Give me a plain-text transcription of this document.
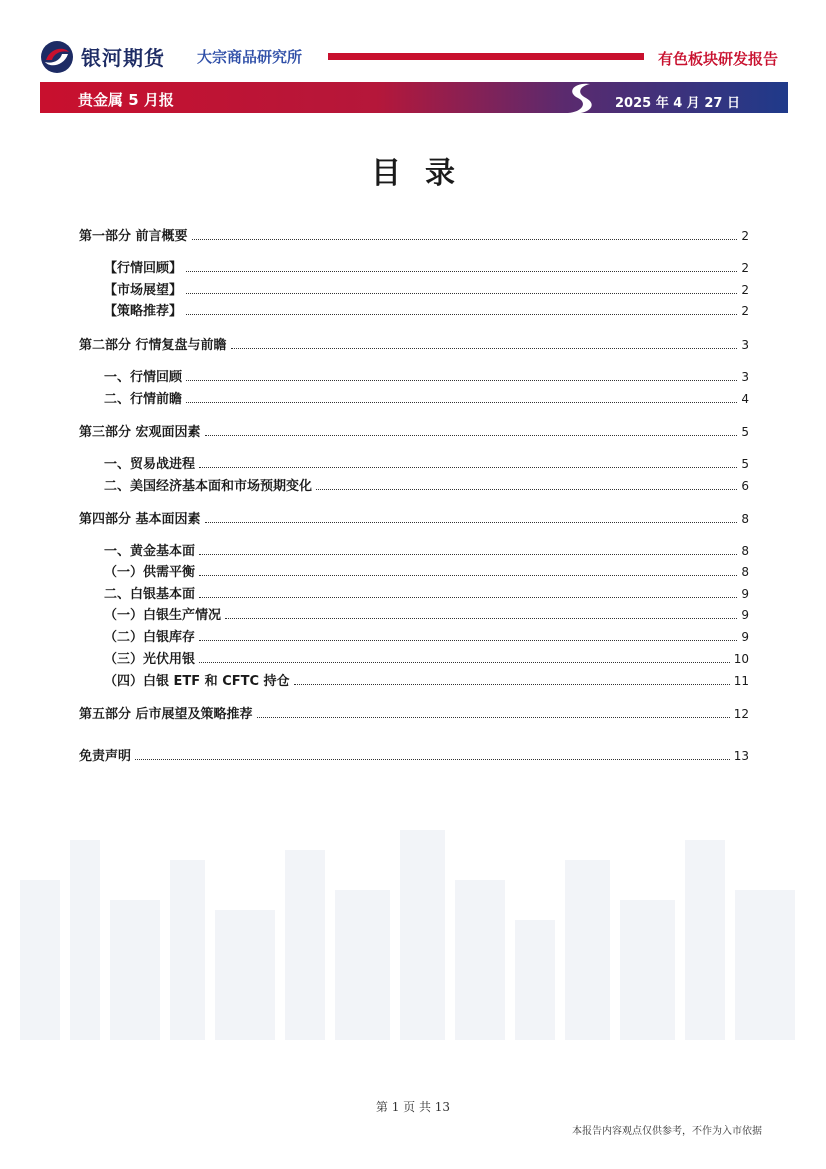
银河期货 大宗商品研究所	有色板块研发报告
贵金属 5 月报	2025 年 4 月 27 日
目录
第一部分 前言概要	2
【行情回顾】	2
【市场展望】	2
【策略推荐】	2
第二部分 行情复盘与前瞻	3
一、行情回顾	3
二、行情前瞻	4
第三部分 宏观面因素	5
一、贸易战进程	5
二、美国经济基本面和市场预期变化	6
第四部分 基本面因素	8
一、黄金基本面	8
（一）供需平衡	8
二、白银基本面	9
（一）白银生产情况	9
（二）白银库存	9
（三）光伏用银	10
（四）白银 ETF 和 CFTC 持仓	11
第五部分 后市展望及策略推荐	12
免责声明	13
第 1 页 共 13
本报告内容观点仅供参考，不作为入市依据
